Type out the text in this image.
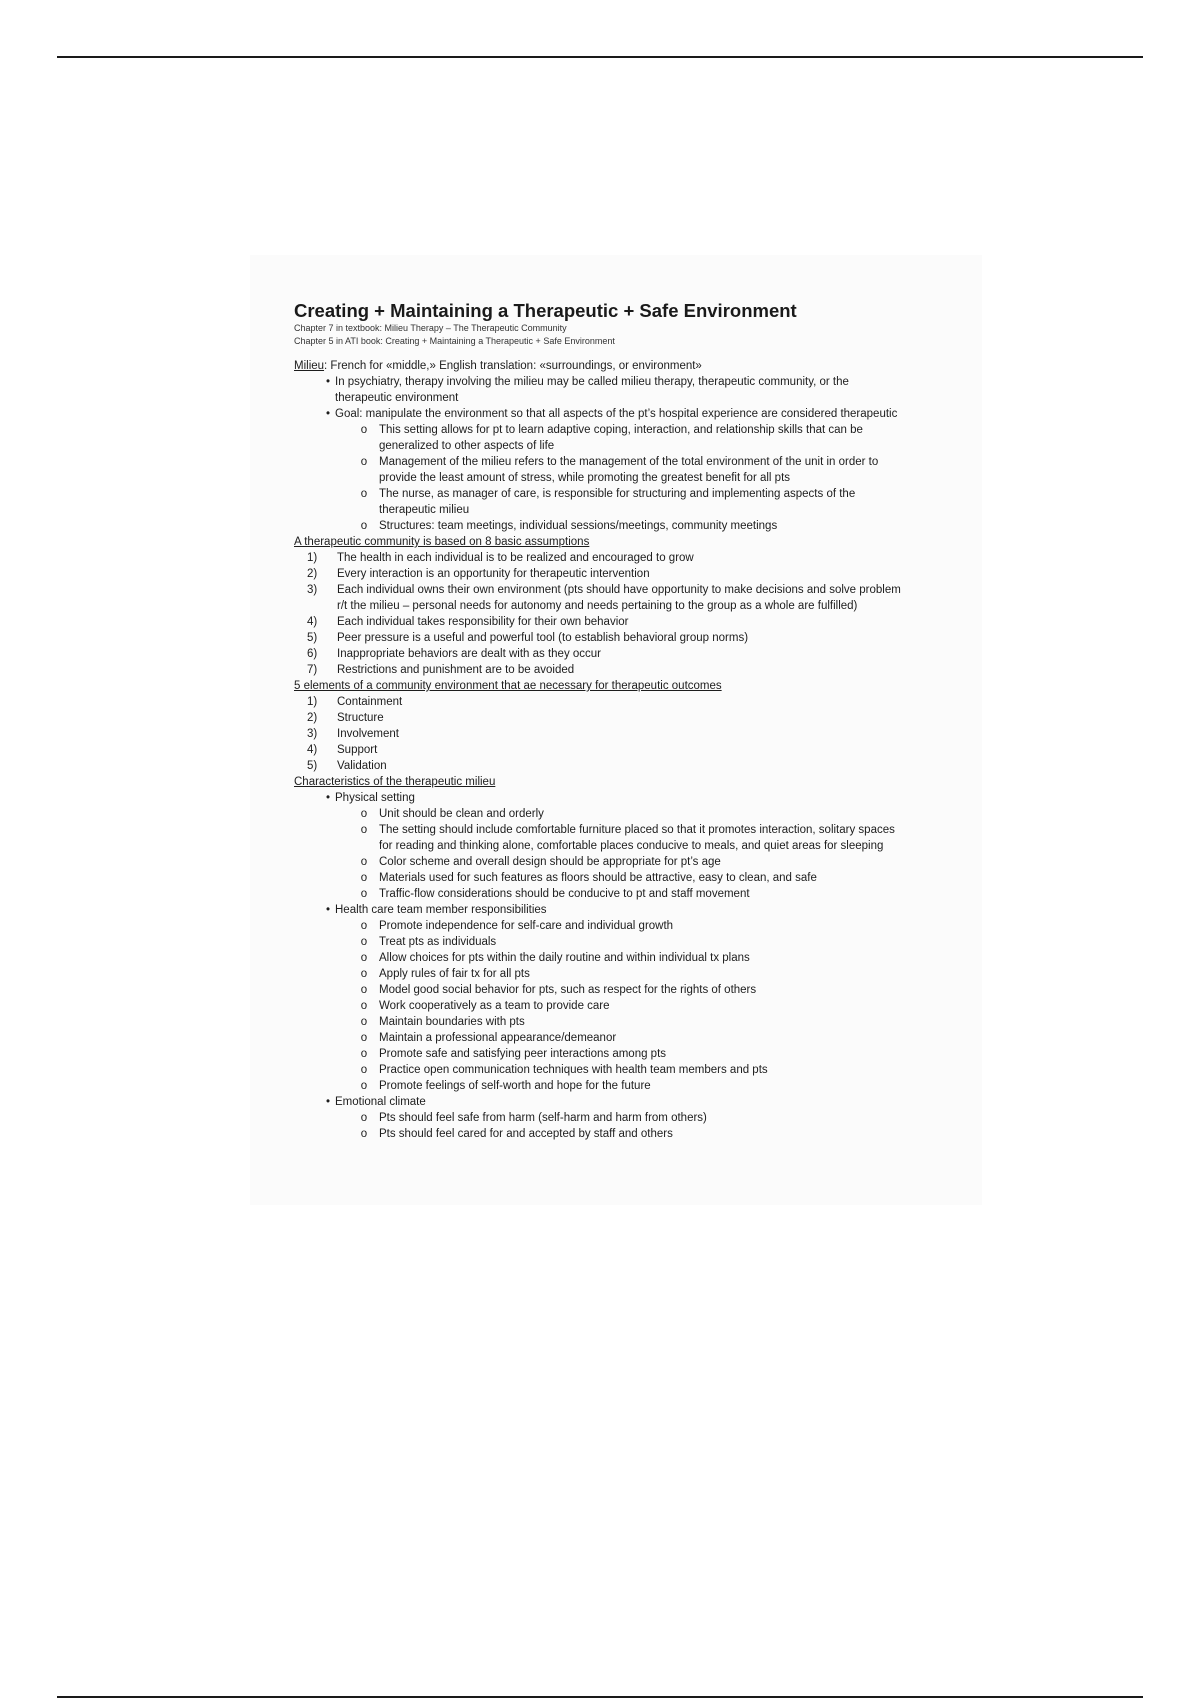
Creating + Maintaining a Therapeutic + Safe Environment

Chapter 7 in textbook: Milieu Therapy – The Therapeutic Community

Chapter 5 in ATI book: Creating + Maintaining a Therapeutic + Safe Environment

Milieu: French for «middle,» English translation: «surroundings, or environment»
• In psychiatry, therapy involving the milieu may be called milieu therapy, therapeutic community, or the
therapeutic environment
• Goal: manipulate the environment so that all aspects of the pt’s hospital experience are considered therapeutic
o	This setting allows for pt to learn adaptive coping, interaction, and relationship skills that can be
generalized to other aspects of life
o	Management of the milieu refers to the management of the total environment of the unit in order to
provide the least amount of stress, while promoting the greatest benefit for all pts
o	The nurse, as manager of care, is responsible for structuring and implementing aspects of the
therapeutic milieu
o	Structures: team meetings, individual sessions/meetings, community meetings
A therapeutic community is based on 8 basic assumptions
1)	The health in each individual is to be realized and encouraged to grow
2)	Every interaction is an opportunity for therapeutic intervention
3)	Each individual owns their own environment (pts should have opportunity to make decisions and solve problem
r/t the milieu – personal needs for autonomy and needs pertaining to the group as a whole are fulfilled)
4)	Each individual takes responsibility for their own behavior
5)	Peer pressure is a useful and powerful tool (to establish behavioral group norms)
6)	Inappropriate behaviors are dealt with as they occur
7)	Restrictions and punishment are to be avoided
5 elements of a community environment that ae necessary for therapeutic outcomes
1)	Containment
2)	Structure
3)	Involvement
4)	Support
5)	Validation
Characteristics of the therapeutic milieu
• Physical setting
o	Unit should be clean and orderly
o	The setting should include comfortable furniture placed so that it promotes interaction, solitary spaces
for reading and thinking alone, comfortable places conducive to meals, and quiet areas for sleeping
o	Color scheme and overall design should be appropriate for pt’s age
o	Materials used for such features as floors should be attractive, easy to clean, and safe
o	Traffic-flow considerations should be conducive to pt and staff movement
• Health care team member responsibilities
o	Promote independence for self-care and individual growth
o	Treat pts as individuals
o	Allow choices for pts within the daily routine and within individual tx plans
o	Apply rules of fair tx for all pts
o	Model good social behavior for pts, such as respect for the rights of others
o	Work cooperatively as a team to provide care
o	Maintain boundaries with pts
o	Maintain a professional appearance/demeanor
o	Promote safe and satisfying peer interactions among pts
o	Practice open communication techniques with health team members and pts
o	Promote feelings of self-worth and hope for the future
• Emotional climate
o	Pts should feel safe from harm (self-harm and harm from others)
o	Pts should feel cared for and accepted by staff and others
